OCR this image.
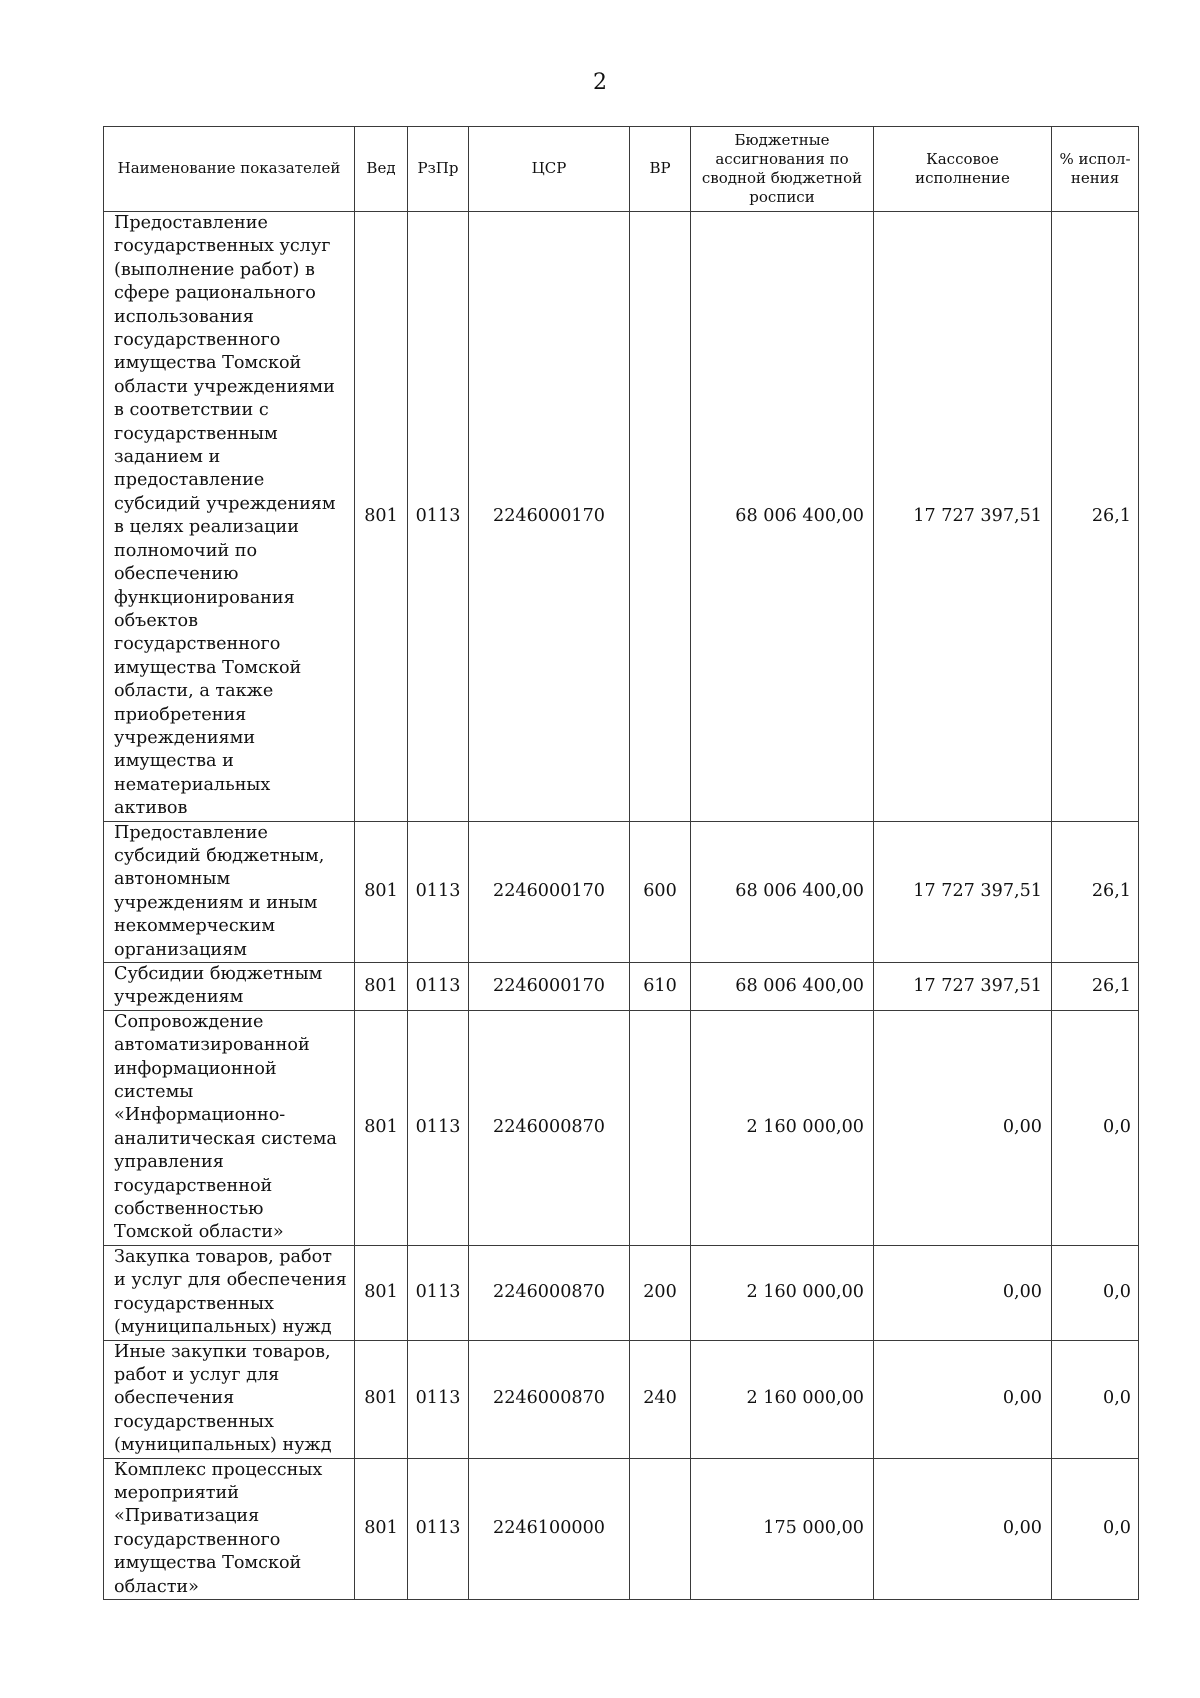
2
Наименование показателей	Вед	РзПр	ЦСР	ВР	Бюджетные ассигнования по сводной бюджетной росписи	Кассовое исполнение	% испол-нения
Предоставление государственных услуг (выполнение работ) в сфере рационального использования государственного имущества Томской области учреждениями в соответствии с государственным заданием и предоставление субсидий учреждениям в целях реализации полномочий по обеспечению функционирования объектов государственного имущества Томской области, а также приобретения учреждениями имущества и нематериальных активов	801	0113	2246000170		68 006 400,00	17 727 397,51	26,1
Предоставление субсидий бюджетным, автономным учреждениям и иным некоммерческим организациям	801	0113	2246000170	600	68 006 400,00	17 727 397,51	26,1
Субсидии бюджетным учреждениям	801	0113	2246000170	610	68 006 400,00	17 727 397,51	26,1
Сопровождение автоматизированной информационной системы «Информационно-аналитическая система управления государственной собственностью Томской области»	801	0113	2246000870		2 160 000,00	0,00	0,0
Закупка товаров, работ и услуг для обеспечения государственных (муниципальных) нужд	801	0113	2246000870	200	2 160 000,00	0,00	0,0
Иные закупки товаров, работ и услуг для обеспечения государственных (муниципальных) нужд	801	0113	2246000870	240	2 160 000,00	0,00	0,0
Комплекс процессных мероприятий «Приватизация государственного имущества Томской области»	801	0113	2246100000		175 000,00	0,00	0,0
